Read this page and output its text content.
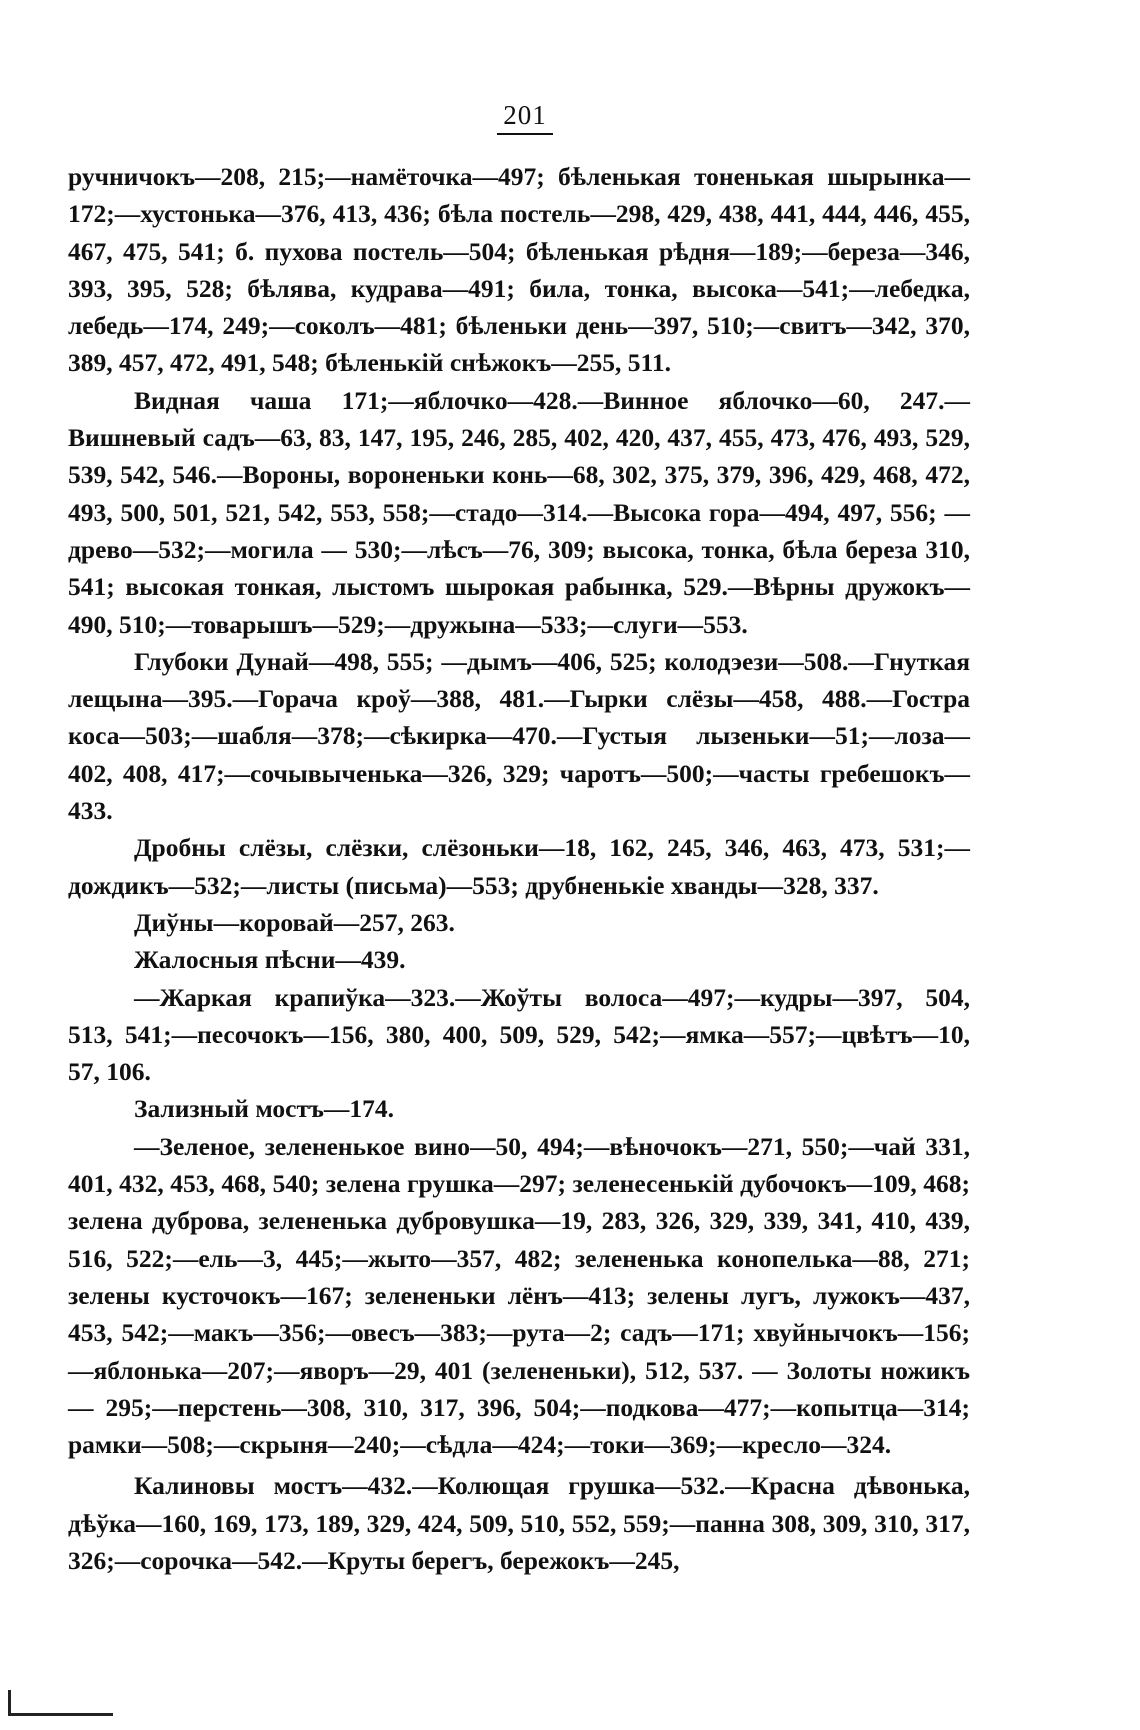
201

ручничокъ—208, 215;—намёточка—497; бѣленькая тоненькая шырынка—172;—хустонька—376, 413, 436; бѣла постель—298, 429, 438, 441, 444, 446, 455, 467, 475, 541; б. пухова постель—504; бѣленькая рѣдня—189;—береза—346, 393, 395, 528; бѣлява, кудрава—491; била, тонка, высока—541;—лебедка, лебедь—174, 249;—соколъ—481; бѣленьки день—397, 510;—свитъ—342, 370, 389, 457, 472, 491, 548; бѣленькій снѣжокъ—255, 511.

Видная чаша 171;—яблочко—428.—Винное яблочко—60, 247.—Вишневый садъ—63, 83, 147, 195, 246, 285, 402, 420, 437, 455, 473, 476, 493, 529, 539, 542, 546.—Вороны, вороненьки конь—68, 302, 375, 379, 396, 429, 468, 472, 493, 500, 501, 521, 542, 553, 558;—стадо—314.—Высока гора—494, 497, 556; —древо—532;—могила — 530;—лѣсъ—76, 309; высока, тонка, бѣла береза 310, 541; высокая тонкая, лыстомъ шырокая рабынка, 529.—Вѣрны дружокъ—490, 510;—товарышъ—529;—дружына—533;—слуги—553.

Глубоки Дунай—498, 555; —дымъ—406, 525; колодэези—508.—Гнуткая лещына—395.—Горача кроў—388, 481.—Гырки слёзы—458, 488.—Гостра коса—503;—шабля—378;—сѣкирка—470.—Густыя лызеньки—51;—лоза—402, 408, 417;—сочывыченька—326, 329; чаротъ—500;—часты гребешокъ—433.

Дробны слёзы, слёзки, слёзоньки—18, 162, 245, 346, 463, 473, 531;—дождикъ—532;—листы (письма)—553; друбненькіе хванды—328, 337.

Диўны—коровай—257, 263.

Жалосныя пѣсни—439.

—Жаркая крапиўка—323.—Жоўты волоса—497;—кудры—397, 504, 513, 541;—песочокъ—156, 380, 400, 509, 529, 542;—ямка—557;—цвѣтъ—10, 57, 106.

Зализный мостъ—174.

—Зеленое, зелененькое вино—50, 494;—вѣночокъ—271, 550;—чай 331, 401, 432, 453, 468, 540; зелена грушка—297; зеленесенькій дубочокъ—109, 468; зелена дуброва, зелененька дубровушка—19, 283, 326, 329, 339, 341, 410, 439, 516, 522;—ель—3, 445;—жыто—357, 482; зелененька конопелька—88, 271; зелены кусточокъ—167; зелененьки лёнъ—413; зелены лугъ, лужокъ—437, 453, 542;—макъ—356;—овесъ—383;—рута—2; садъ—171; хвуйнычокъ—156;—яблонька—207;—яворъ—29, 401 (зелененьки), 512, 537. — Золоты ножикъ — 295;—перстень—308, 310, 317, 396, 504;—подкова—477;—копытца—314; рамки—508;—скрыня—240;—сѣдла—424;—токи—369;—кресло—324.

Калиновы мостъ—432.—Колющая грушка—532.—Красна дѣвонька, дѣўка—160, 169, 173, 189, 329, 424, 509, 510, 552, 559;—панна 308, 309, 310, 317, 326;—сорочка—542.—Круты берегъ, бережокъ—245,
